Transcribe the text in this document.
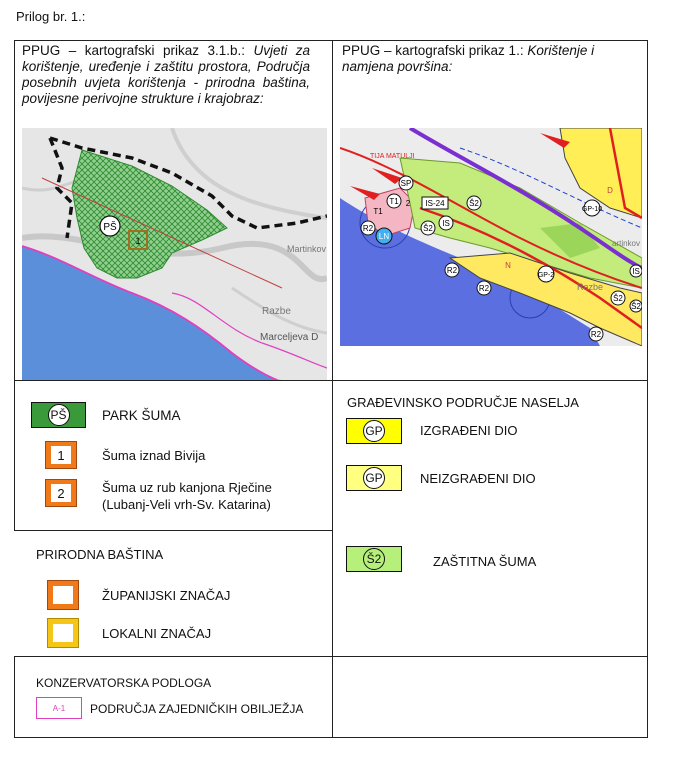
Prilog br. 1.:
PPUG – kartografski prikaz 3.1.b.: Uvjeti za korištenje, uređenje i zaštitu prostora, Područja posebnih uvjeta korištenja - prirodna baština, povijesne perivojne strukture i krajobraz:
PPUG – kartografski prikaz 1.: Korištenje i namjena površina:
PŠ
1
Martinkov
Razbe
Marceljeva D
TIJA MATULJI
SP
T1
T1
2 IS-24	Š2
IS
Š2
R2
LN
R2
R2
R2
GP-10
GP-2	IS
Š2
Š2
Razbe
D
N
artinkov
PŠ	PARK ŠUMA
1	Šuma iznad Bivija
2	Šuma uz rub kanjona Rječine
(Lubanj-Veli vrh-Sv. Katarina)
PRIRODNA BAŠTINA
ŽUPANIJSKI ZNAČAJ
LOKALNI ZNAČAJ
KONZERVATORSKA PODLOGA
A-1	PODRUČJA ZAJEDNIČKIH OBILJEŽJA
GRAĐEVINSKO PODRUČJE NASELJA
GP	IZGRAĐENI DIO
GP	NEIZGRAĐENI DIO
Š2	ZAŠTITNA ŠUMA
